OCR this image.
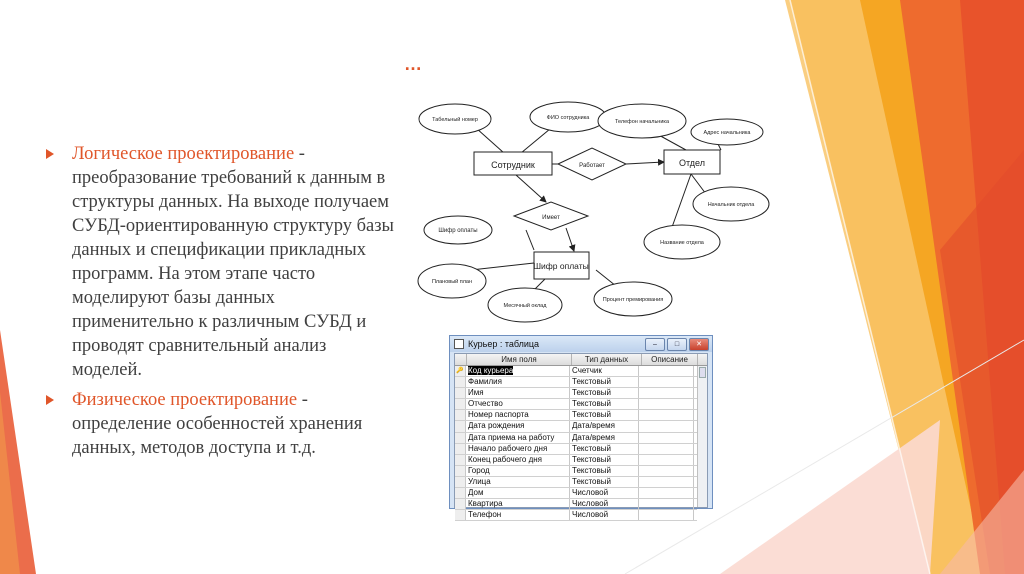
…
Логическое проектирование - преобразование требований к данным в структуры данных. На выходе получаем СУБД-ориентированную структуру базы данных и спецификации прикладных программ. На этом этапе часто моделируют базы данных применительно к различным СУБД и проводят сравнительный анализ моделей.
Физическое проектирование - определение особенностей хранения данных, методов доступа и т.д.
Сотрудник	Отдел
Шифр оплаты
Работает
Имеет
Табельный номер	ФИО сотрудника
Телефон начальника
Адрес начальника
Начальник отдела
Название отдела
Шифр оплаты
Плановый план
Месячный оклад
Процент премирования
Курьер : таблица	–	□	✕
Имя поля	Тип данных	Описание
🔑 Код курьера	Счетчик
Фамилия	Текстовый
Имя	Текстовый
Отчество	Текстовый
Номер паспорта	Текстовый
Дата рождения	Дата/время
Дата приема на работу	Дата/время
Начало рабочего дня	Текстовый
Конец рабочего дня	Текстовый
Город	Текстовый
Улица	Текстовый
Дом	Числовой
Квартира	Числовой
Телефон	Числовой
